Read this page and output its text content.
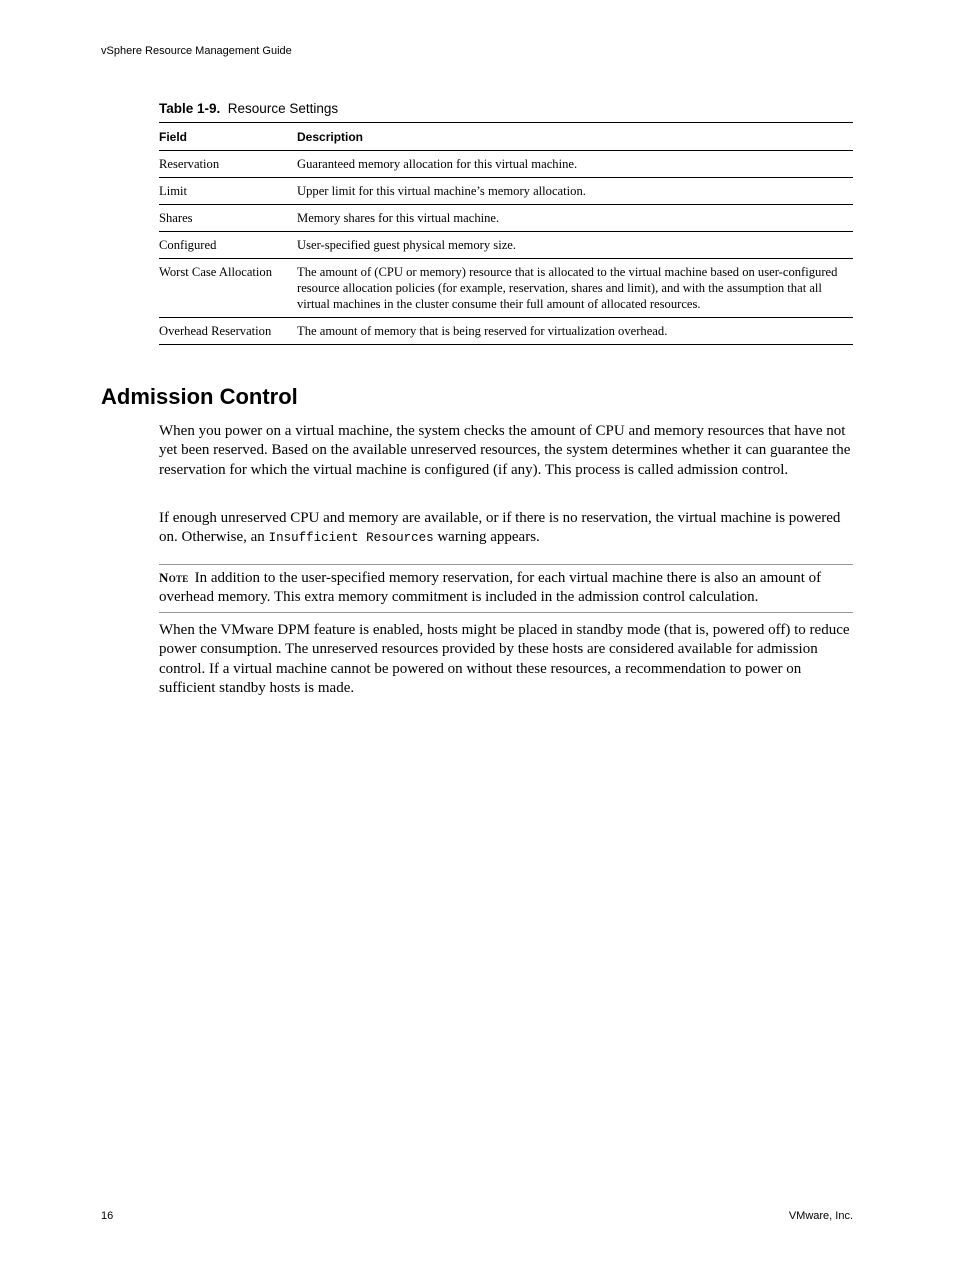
vSphere Resource Management Guide
Table 1-9. Resource Settings
Field	Description
Reservation	Guaranteed memory allocation for this virtual machine.
Limit	Upper limit for this virtual machine’s memory allocation.
Shares	Memory shares for this virtual machine.
Configured	User-specified guest physical memory size.
Worst Case Allocation	The amount of (CPU or memory) resource that is allocated to the virtual machine based on user-configured resource allocation policies (for example, reservation, shares and limit), and with the assumption that all virtual machines in the cluster consume their full amount of allocated resources.
Overhead Reservation	The amount of memory that is being reserved for virtualization overhead.
Admission Control

When you power on a virtual machine, the system checks the amount of CPU and memory resources that have not yet been reserved. Based on the available unreserved resources, the system determines whether it can guarantee the reservation for which the virtual machine is configured (if any). This process is called admission control.

If enough unreserved CPU and memory are available, or if there is no reservation, the virtual machine is powered on. Otherwise, an Insufficient Resources warning appears.

Note In addition to the user-specified memory reservation, for each virtual machine there is also an amount of overhead memory. This extra memory commitment is included in the admission control calculation.

When the VMware DPM feature is enabled, hosts might be placed in standby mode (that is, powered off) to reduce power consumption. The unreserved resources provided by these hosts are considered available for admission control. If a virtual machine cannot be powered on without these resources, a recommendation to power on sufficient standby hosts is made.

16	VMware, Inc.
